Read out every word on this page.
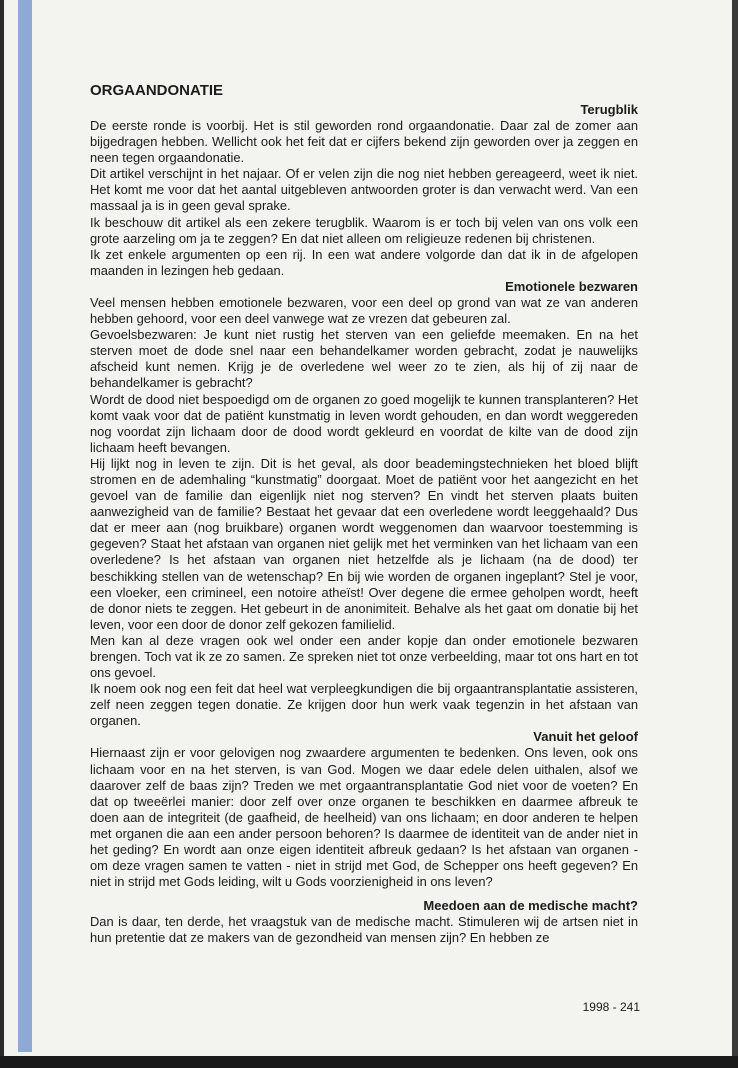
ORGAANDONATIE
Terugblik

De eerste ronde is voorbij. Het is stil geworden rond orgaandonatie. Daar zal de zomer aan bijgedragen hebben. Wellicht ook het feit dat er cijfers bekend zijn geworden over ja zeggen en neen tegen orgaandonatie.

Dit artikel verschijnt in het najaar. Of er velen zijn die nog niet hebben gereageerd, weet ik niet. Het komt me voor dat het aantal uitgebleven antwoorden groter is dan verwacht werd. Van een massaal ja is in geen geval sprake.

Ik beschouw dit artikel als een zekere terugblik. Waarom is er toch bij velen van ons volk een grote aarzeling om ja te zeggen? En dat niet alleen om religieuze redenen bij christenen.

Ik zet enkele argumenten op een rij. In een wat andere volgorde dan dat ik in de afgelopen maanden in lezingen heb gedaan.

Emotionele bezwaren

Veel mensen hebben emotionele bezwaren, voor een deel op grond van wat ze van anderen hebben gehoord, voor een deel vanwege wat ze vrezen dat gebeuren zal.

Gevoelsbezwaren: Je kunt niet rustig het sterven van een geliefde meemaken. En na het sterven moet de dode snel naar een behandelkamer worden gebracht, zodat je nauwelijks afscheid kunt nemen. Krijg je de overledene wel weer zo te zien, als hij of zij naar de behandelkamer is gebracht?

Wordt de dood niet bespoedigd om de organen zo goed mogelijk te kunnen transplanteren? Het komt vaak voor dat de patiënt kunstmatig in leven wordt gehouden, en dan wordt weggereden nog voordat zijn lichaam door de dood wordt gekleurd en voordat de kilte van de dood zijn lichaam heeft bevangen.

Hij lijkt nog in leven te zijn. Dit is het geval, als door beademingstechnieken het bloed blijft stromen en de ademhaling “kunstmatig” doorgaat. Moet de patiënt voor het aangezicht en het gevoel van de familie dan eigenlijk niet nog sterven? En vindt het sterven plaats buiten aanwezigheid van de familie? Bestaat het gevaar dat een overledene wordt leeggehaald? Dus dat er meer aan (nog bruikbare) organen wordt weggenomen dan waarvoor toestemming is gegeven? Staat het afstaan van organen niet gelijk met het verminken van het lichaam van een overledene? Is het afstaan van organen niet hetzelfde als je lichaam (na de dood) ter beschikking stellen van de wetenschap? En bij wie worden de organen ingeplant? Stel je voor, een vloeker, een crimineel, een notoire atheïst! Over degene die ermee geholpen wordt, heeft de donor niets te zeggen. Het gebeurt in de anonimiteit. Behalve als het gaat om donatie bij het leven, voor een door de donor zelf gekozen familielid.

Men kan al deze vragen ook wel onder een ander kopje dan onder emotionele bezwaren brengen. Toch vat ik ze zo samen. Ze spreken niet tot onze verbeelding, maar tot ons hart en tot ons gevoel.

Ik noem ook nog een feit dat heel wat verpleegkundigen die bij orgaantransplantatie assisteren, zelf neen zeggen tegen donatie. Ze krijgen door hun werk vaak tegenzin in het afstaan van organen.

Vanuit het geloof

Hiernaast zijn er voor gelovigen nog zwaardere argumenten te bedenken. Ons leven, ook ons lichaam voor en na het sterven, is van God. Mogen we daar edele delen uithalen, alsof we daarover zelf de baas zijn? Treden we met orgaantransplantatie God niet voor de voeten? En dat op tweeërlei manier: door zelf over onze organen te beschikken en daarmee afbreuk te doen aan de integriteit (de gaafheid, de heelheid) van ons lichaam; en door anderen te helpen met organen die aan een ander persoon behoren? Is daarmee de identiteit van de ander niet in het geding? En wordt aan onze eigen identiteit afbreuk gedaan? Is het afstaan van organen - om deze vragen samen te vatten - niet in strijd met God, de Schepper ons heeft gegeven? En niet in strijd met Gods leiding, wilt u Gods voorzienigheid in ons leven?

Meedoen aan de medische macht?

Dan is daar, ten derde, het vraagstuk van de medische macht. Stimuleren wij de artsen niet in hun pretentie dat ze makers van de gezondheid van mensen zijn? En hebben ze

1998 - 241
